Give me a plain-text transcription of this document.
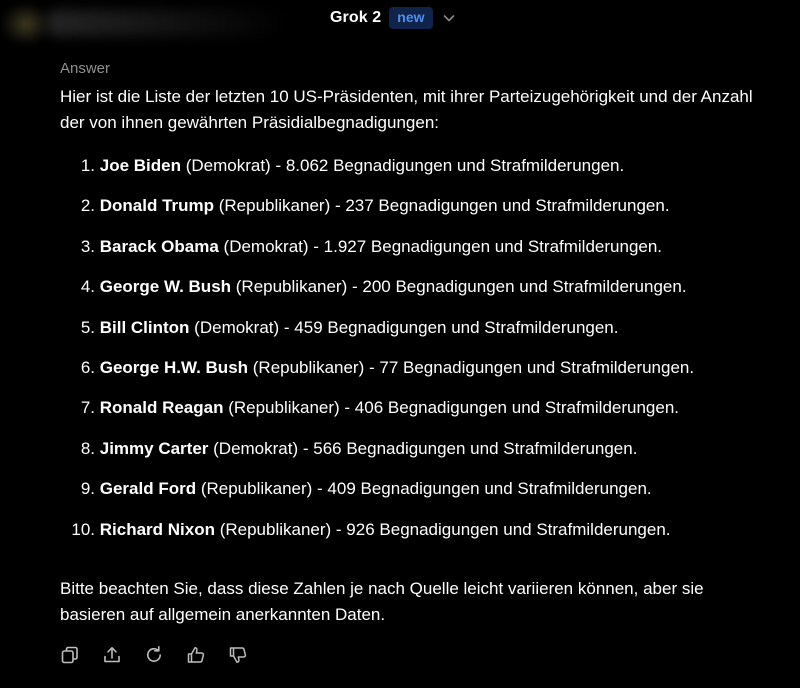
Grok 2	new

Answer

Hier ist die Liste der letzten 10 US-Präsidenten, mit ihrer Parteizugehörigkeit und der Anzahl der von ihnen gewährten Präsidialbegnadigungen:

1. Joe Biden (Demokrat) - 8.062 Begnadigungen und Strafmilderungen.
2. Donald Trump (Republikaner) - 237 Begnadigungen und Strafmilderungen.
3. Barack Obama (Demokrat) - 1.927 Begnadigungen und Strafmilderungen.
4. George W. Bush (Republikaner) - 200 Begnadigungen und Strafmilderungen.
5. Bill Clinton (Demokrat) - 459 Begnadigungen und Strafmilderungen.
6. George H.W. Bush (Republikaner) - 77 Begnadigungen und Strafmilderungen.
7. Ronald Reagan (Republikaner) - 406 Begnadigungen und Strafmilderungen.
8. Jimmy Carter (Demokrat) - 566 Begnadigungen und Strafmilderungen.
9. Gerald Ford (Republikaner) - 409 Begnadigungen und Strafmilderungen.
10. Richard Nixon (Republikaner) - 926 Begnadigungen und Strafmilderungen.

Bitte beachten Sie, dass diese Zahlen je nach Quelle leicht variieren können, aber sie basieren auf allgemein anerkannten Daten.
